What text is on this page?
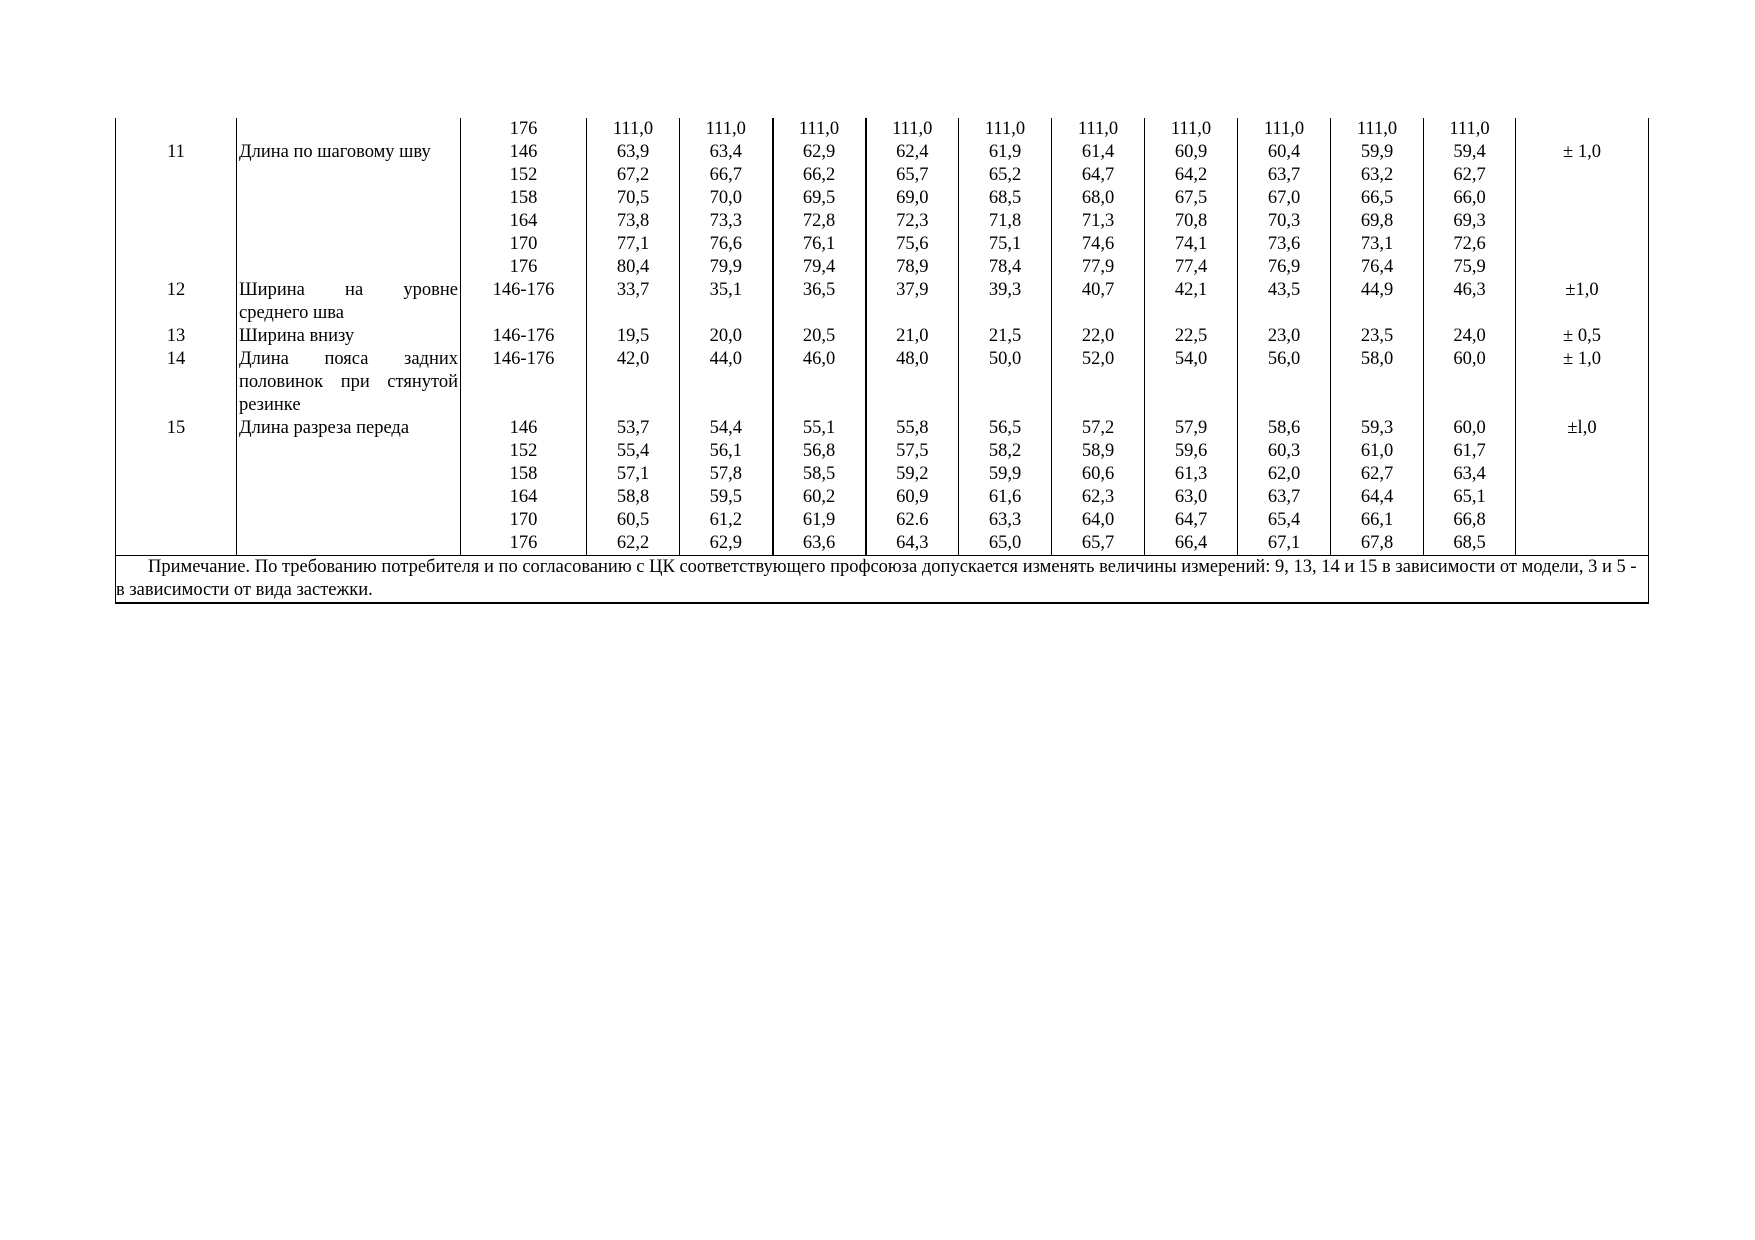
		176	111,0	111,0	111,0	111,0	111,0	111,0	111,0	111,0	111,0	111,0	
11	Длина по шаговому шву	146	63,9	63,4	62,9	62,4	61,9	61,4	60,9	60,4	59,9	59,4	± 1,0
		152	67,2	66,7	66,2	65,7	65,2	64,7	64,2	63,7	63,2	62,7	
		158	70,5	70,0	69,5	69,0	68,5	68,0	67,5	67,0	66,5	66,0	
		164	73,8	73,3	72,8	72,3	71,8	71,3	70,8	70,3	69,8	69,3	
		170	77,1	76,6	76,1	75,6	75,1	74,6	74,1	73,6	73,1	72,6	
		176	80,4	79,9	79,4	78,9	78,4	77,9	77,4	76,9	76,4	75,9	
12	Ширина на уровне среднего шва	146-176	33,7	35,1	36,5	37,9	39,3	40,7	42,1	43,5	44,9	46,3	±1,0
13	Ширина внизу	146-176	19,5	20,0	20,5	21,0	21,5	22,0	22,5	23,0	23,5	24,0	± 0,5
14	Длина пояса задних половинок при стянутой резинке	146-176	42,0	44,0	46,0	48,0	50,0	52,0	54,0	56,0	58,0	60,0	± 1,0
15	Длина разреза переда	146	53,7	54,4	55,1	55,8	56,5	57,2	57,9	58,6	59,3	60,0	±l,0
		152	55,4	56,1	56,8	57,5	58,2	58,9	59,6	60,3	61,0	61,7	
		158	57,1	57,8	58,5	59,2	59,9	60,6	61,3	62,0	62,7	63,4	
		164	58,8	59,5	60,2	60,9	61,6	62,3	63,0	63,7	64,4	65,1	
		170	60,5	61,2	61,9	62.6	63,3	64,0	64,7	65,4	66,1	66,8	
		176	62,2	62,9	63,6	64,3	65,0	65,7	66,4	67,1	67,8	68,5	

Примечание. По требованию потребителя и по согласованию с ЦК соответствующего профсоюза допускается изменять величины измерений: 9, 13, 14 и 15 в зависимости от модели, 3 и 5 - в зависимости от вида застежки.													
